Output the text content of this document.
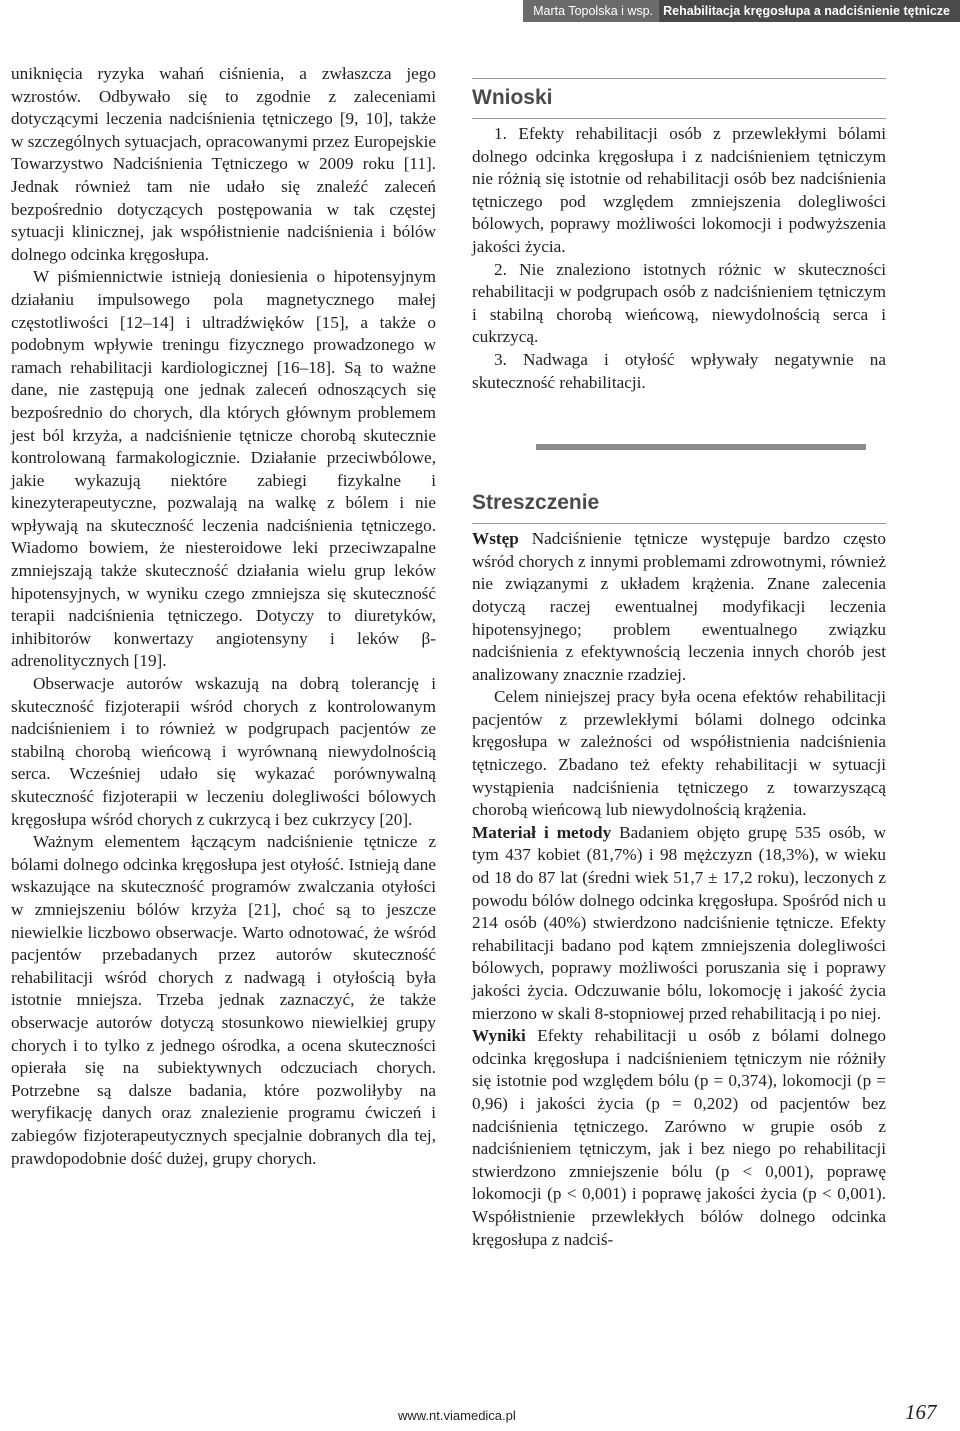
Marta Topolska i wsp. Rehabilitacja kręgosłupa a nadciśnienie tętnicze

uniknięcia ryzyka wahań ciśnienia, a zwłaszcza jego wzrostów. Odbywało się to zgodnie z zaleceniami dotyczącymi leczenia nadciśnienia tętniczego [9, 10], także w szczególnych sytuacjach, opracowanymi przez Europejskie Towarzystwo Nadciśnienia Tętniczego w 2009 roku [11]. Jednak również tam nie udało się znaleźć zaleceń bezpośrednio dotyczących postępowania w tak częstej sytuacji klinicznej, jak współistnienie nadciśnienia i bólów dolnego odcinka kręgosłupa.

W piśmiennictwie istnieją doniesienia o hipotensyjnym działaniu impulsowego pola magnetycznego małej częstotliwości [12–14] i ultradźwięków [15], a także o podobnym wpływie treningu fizycznego prowadzonego w ramach rehabilitacji kardiologicznej [16–18]. Są to ważne dane, nie zastępują one jednak zaleceń odnoszących się bezpośrednio do chorych, dla których głównym problemem jest ból krzyża, a nadciśnienie tętnicze chorobą skutecznie kontrolowaną farmakologicznie. Działanie przeciwbólowe, jakie wykazują niektóre zabiegi fizykalne i kinezyterapeutyczne, pozwalają na walkę z bólem i nie wpływają na skuteczność leczenia nadciśnienia tętniczego. Wiadomo bowiem, że niesteroidowe leki przeciwzapalne zmniejszają także skuteczność działania wielu grup leków hipotensyjnych, w wyniku czego zmniejsza się skuteczność terapii nadciśnienia tętniczego. Dotyczy to diuretyków, inhibitorów konwertazy angiotensyny i leków β-adrenolitycznych [19].

Obserwacje autorów wskazują na dobrą tolerancję i skuteczność fizjoterapii wśród chorych z kontrolowanym nadciśnieniem i to również w podgrupach pacjentów ze stabilną chorobą wieńcową i wyrównaną niewydolnością serca. Wcześniej udało się wykazać porównywalną skuteczność fizjoterapii w leczeniu dolegliwości bólowych kręgosłupa wśród chorych z cukrzycą i bez cukrzycy [20].

Ważnym elementem łączącym nadciśnienie tętnicze z bólami dolnego odcinka kręgosłupa jest otyłość. Istnieją dane wskazujące na skuteczność programów zwalczania otyłości w zmniejszeniu bólów krzyża [21], choć są to jeszcze niewielkie liczbowo obserwacje. Warto odnotować, że wśród pacjentów przebadanych przez autorów skuteczność rehabilitacji wśród chorych z nadwagą i otyłością była istotnie mniejsza. Trzeba jednak zaznaczyć, że także obserwacje autorów dotyczą stosunkowo niewielkiej grupy chorych i to tylko z jednego ośrodka, a ocena skuteczności opierała się na subiektywnych odczuciach chorych. Potrzebne są dalsze badania, które pozwoliłyby na weryfikację danych oraz znalezienie programu ćwiczeń i zabiegów fizjoterapeutycznych specjalnie dobranych dla tej, prawdopodobnie dość dużej, grupy chorych.

Wnioski

1. Efekty rehabilitacji osób z przewlekłymi bólami dolnego odcinka kręgosłupa i z nadciśnieniem tętniczym nie różnią się istotnie od rehabilitacji osób bez nadciśnienia tętniczego pod względem zmniejszenia dolegliwości bólowych, poprawy możliwości lokomocji i podwyższenia jakości życia.

2. Nie znaleziono istotnych różnic w skuteczności rehabilitacji w podgrupach osób z nadciśnieniem tętniczym i stabilną chorobą wieńcową, niewydolnością serca i cukrzycą.

3. Nadwaga i otyłość wpływały negatywnie na skuteczność rehabilitacji.

Streszczenie

Wstęp Nadciśnienie tętnicze występuje bardzo często wśród chorych z innymi problemami zdrowotnymi, również nie związanymi z układem krążenia. Znane zalecenia dotyczą raczej ewentualnej modyfikacji leczenia hipotensyjnego; problem ewentualnego związku nadciśnienia z efektywnością leczenia innych chorób jest analizowany znacznie rzadziej.

Celem niniejszej pracy była ocena efektów rehabilitacji pacjentów z przewlekłymi bólami dolnego odcinka kręgosłupa w zależności od współistnienia nadciśnienia tętniczego. Zbadano też efekty rehabilitacji w sytuacji wystąpienia nadciśnienia tętniczego z towarzyszącą chorobą wieńcową lub niewydolnością krążenia.

Materiał i metody Badaniem objęto grupę 535 osób, w tym 437 kobiet (81,7%) i 98 mężczyzn (18,3%), w wieku od 18 do 87 lat (średni wiek 51,7 ± 17,2 roku), leczonych z powodu bólów dolnego odcinka kręgosłupa. Spośród nich u 214 osób (40%) stwierdzono nadciśnienie tętnicze. Efekty rehabilitacji badano pod kątem zmniejszenia dolegliwości bólowych, poprawy możliwości poruszania się i poprawy jakości życia. Odczuwanie bólu, lokomocję i jakość życia mierzono w skali 8-stopniowej przed rehabilitacją i po niej.

Wyniki Efekty rehabilitacji u osób z bólami dolnego odcinka kręgosłupa i nadciśnieniem tętniczym nie różniły się istotnie pod względem bólu (p = 0,374), lokomocji (p = 0,96) i jakości życia (p = 0,202) od pacjentów bez nadciśnienia tętniczego. Zarówno w grupie osób z nadciśnieniem tętniczym, jak i bez niego po rehabilitacji stwierdzono zmniejszenie bólu (p < 0,001), poprawę lokomocji (p < 0,001) i poprawę jakości życia (p < 0,001). Współistnienie przewlekłych bólów dolnego odcinka kręgosłupa z nadciś-

www.nt.viamedica.pl	167
